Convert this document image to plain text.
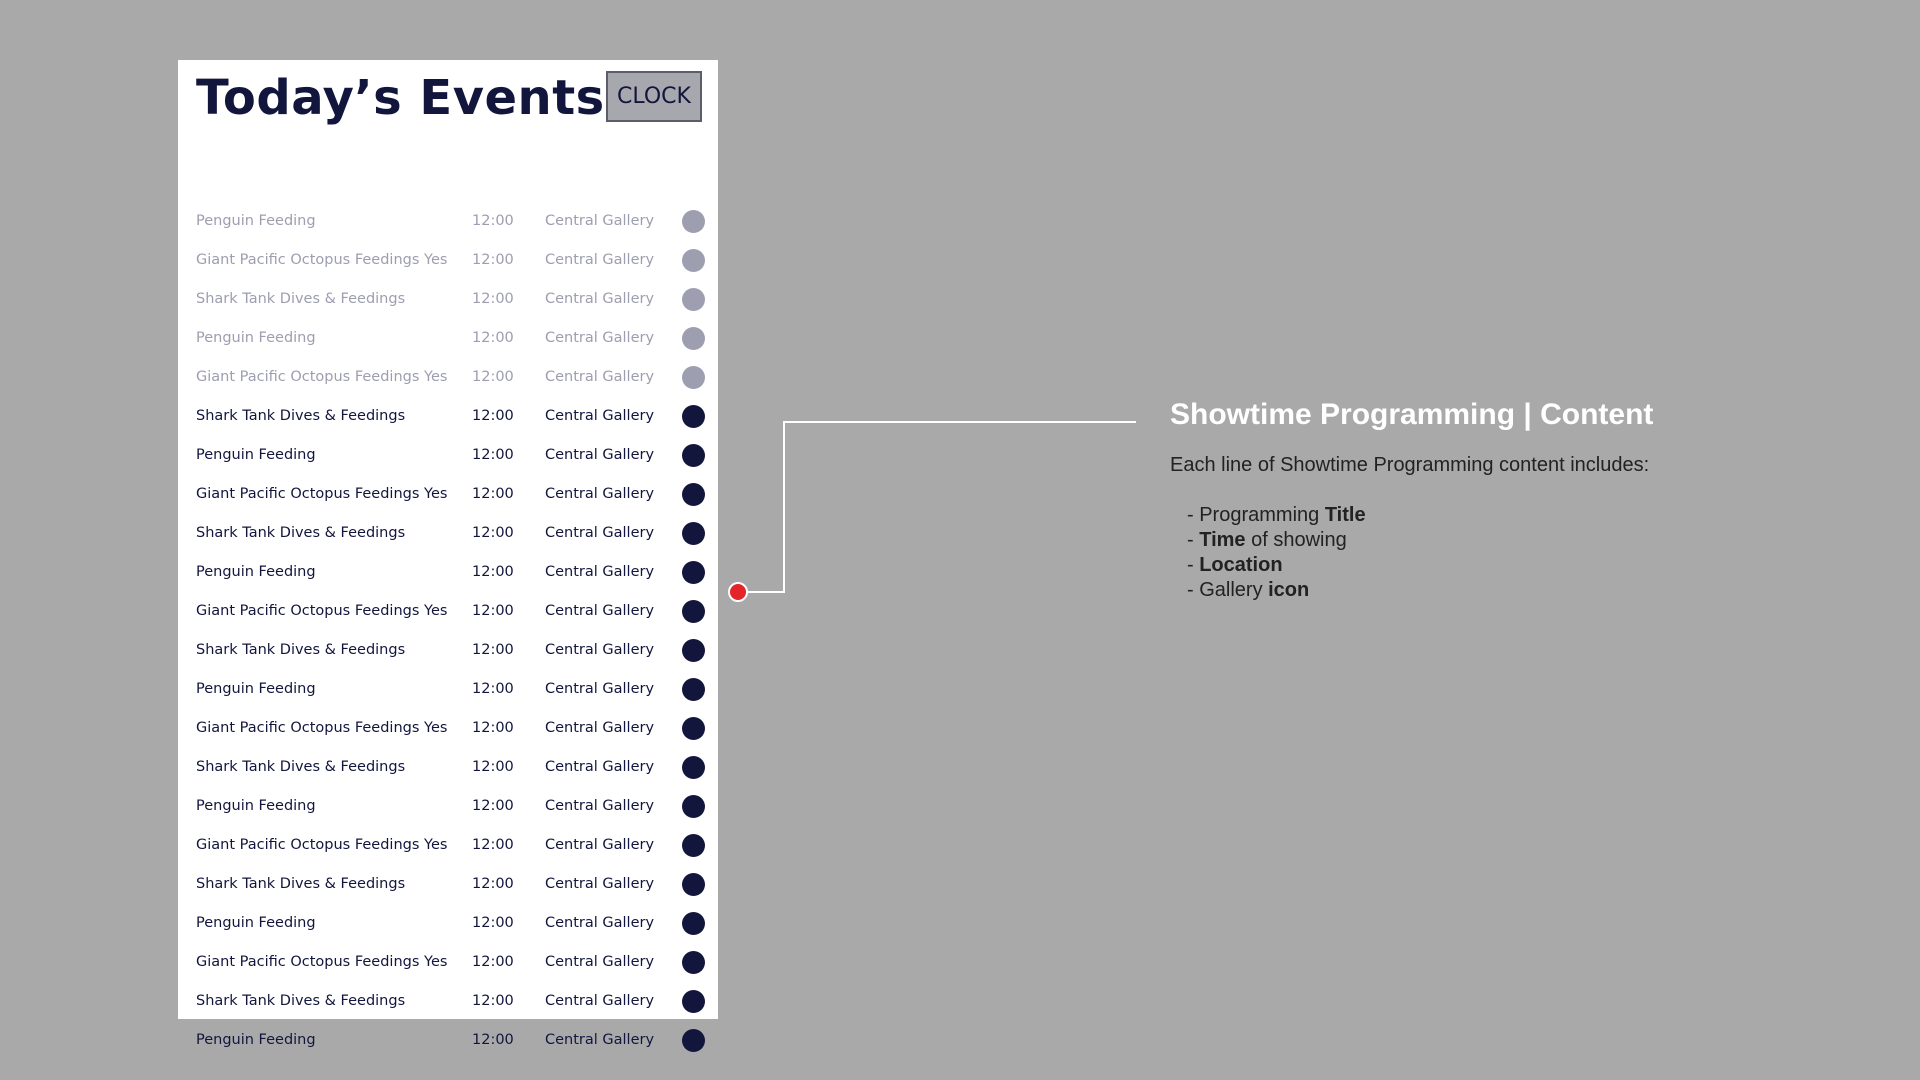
Today’s Events CLOCK
Penguin Feeding	12:00 Central Gallery
Giant Pacific Octopus Feedings Yes 12:00 Central Gallery
Shark Tank Dives & Feedings	12:00 Central Gallery
Penguin Feeding	12:00 Central Gallery
Giant Pacific Octopus Feedings Yes 12:00 Central Gallery
Shark Tank Dives & Feedings	12:00 Central Gallery
Penguin Feeding	12:00 Central Gallery
Giant Pacific Octopus Feedings Yes 12:00 Central Gallery
Shark Tank Dives & Feedings	12:00 Central Gallery
Penguin Feeding	12:00 Central Gallery
Giant Pacific Octopus Feedings Yes 12:00 Central Gallery
Shark Tank Dives & Feedings	12:00 Central Gallery
Penguin Feeding	12:00 Central Gallery
Giant Pacific Octopus Feedings Yes 12:00 Central Gallery
Shark Tank Dives & Feedings	12:00 Central Gallery
Penguin Feeding	12:00 Central Gallery
Giant Pacific Octopus Feedings Yes 12:00 Central Gallery
Shark Tank Dives & Feedings	12:00 Central Gallery
Penguin Feeding	12:00 Central Gallery
Giant Pacific Octopus Feedings Yes 12:00 Central Gallery
Shark Tank Dives & Feedings	12:00 Central Gallery
Penguin Feeding	12:00 Central Gallery
Showtime Programming | Content
Each line of Showtime Programming content includes:
- Programming Title
- Time of showing
- Location
- Gallery icon
